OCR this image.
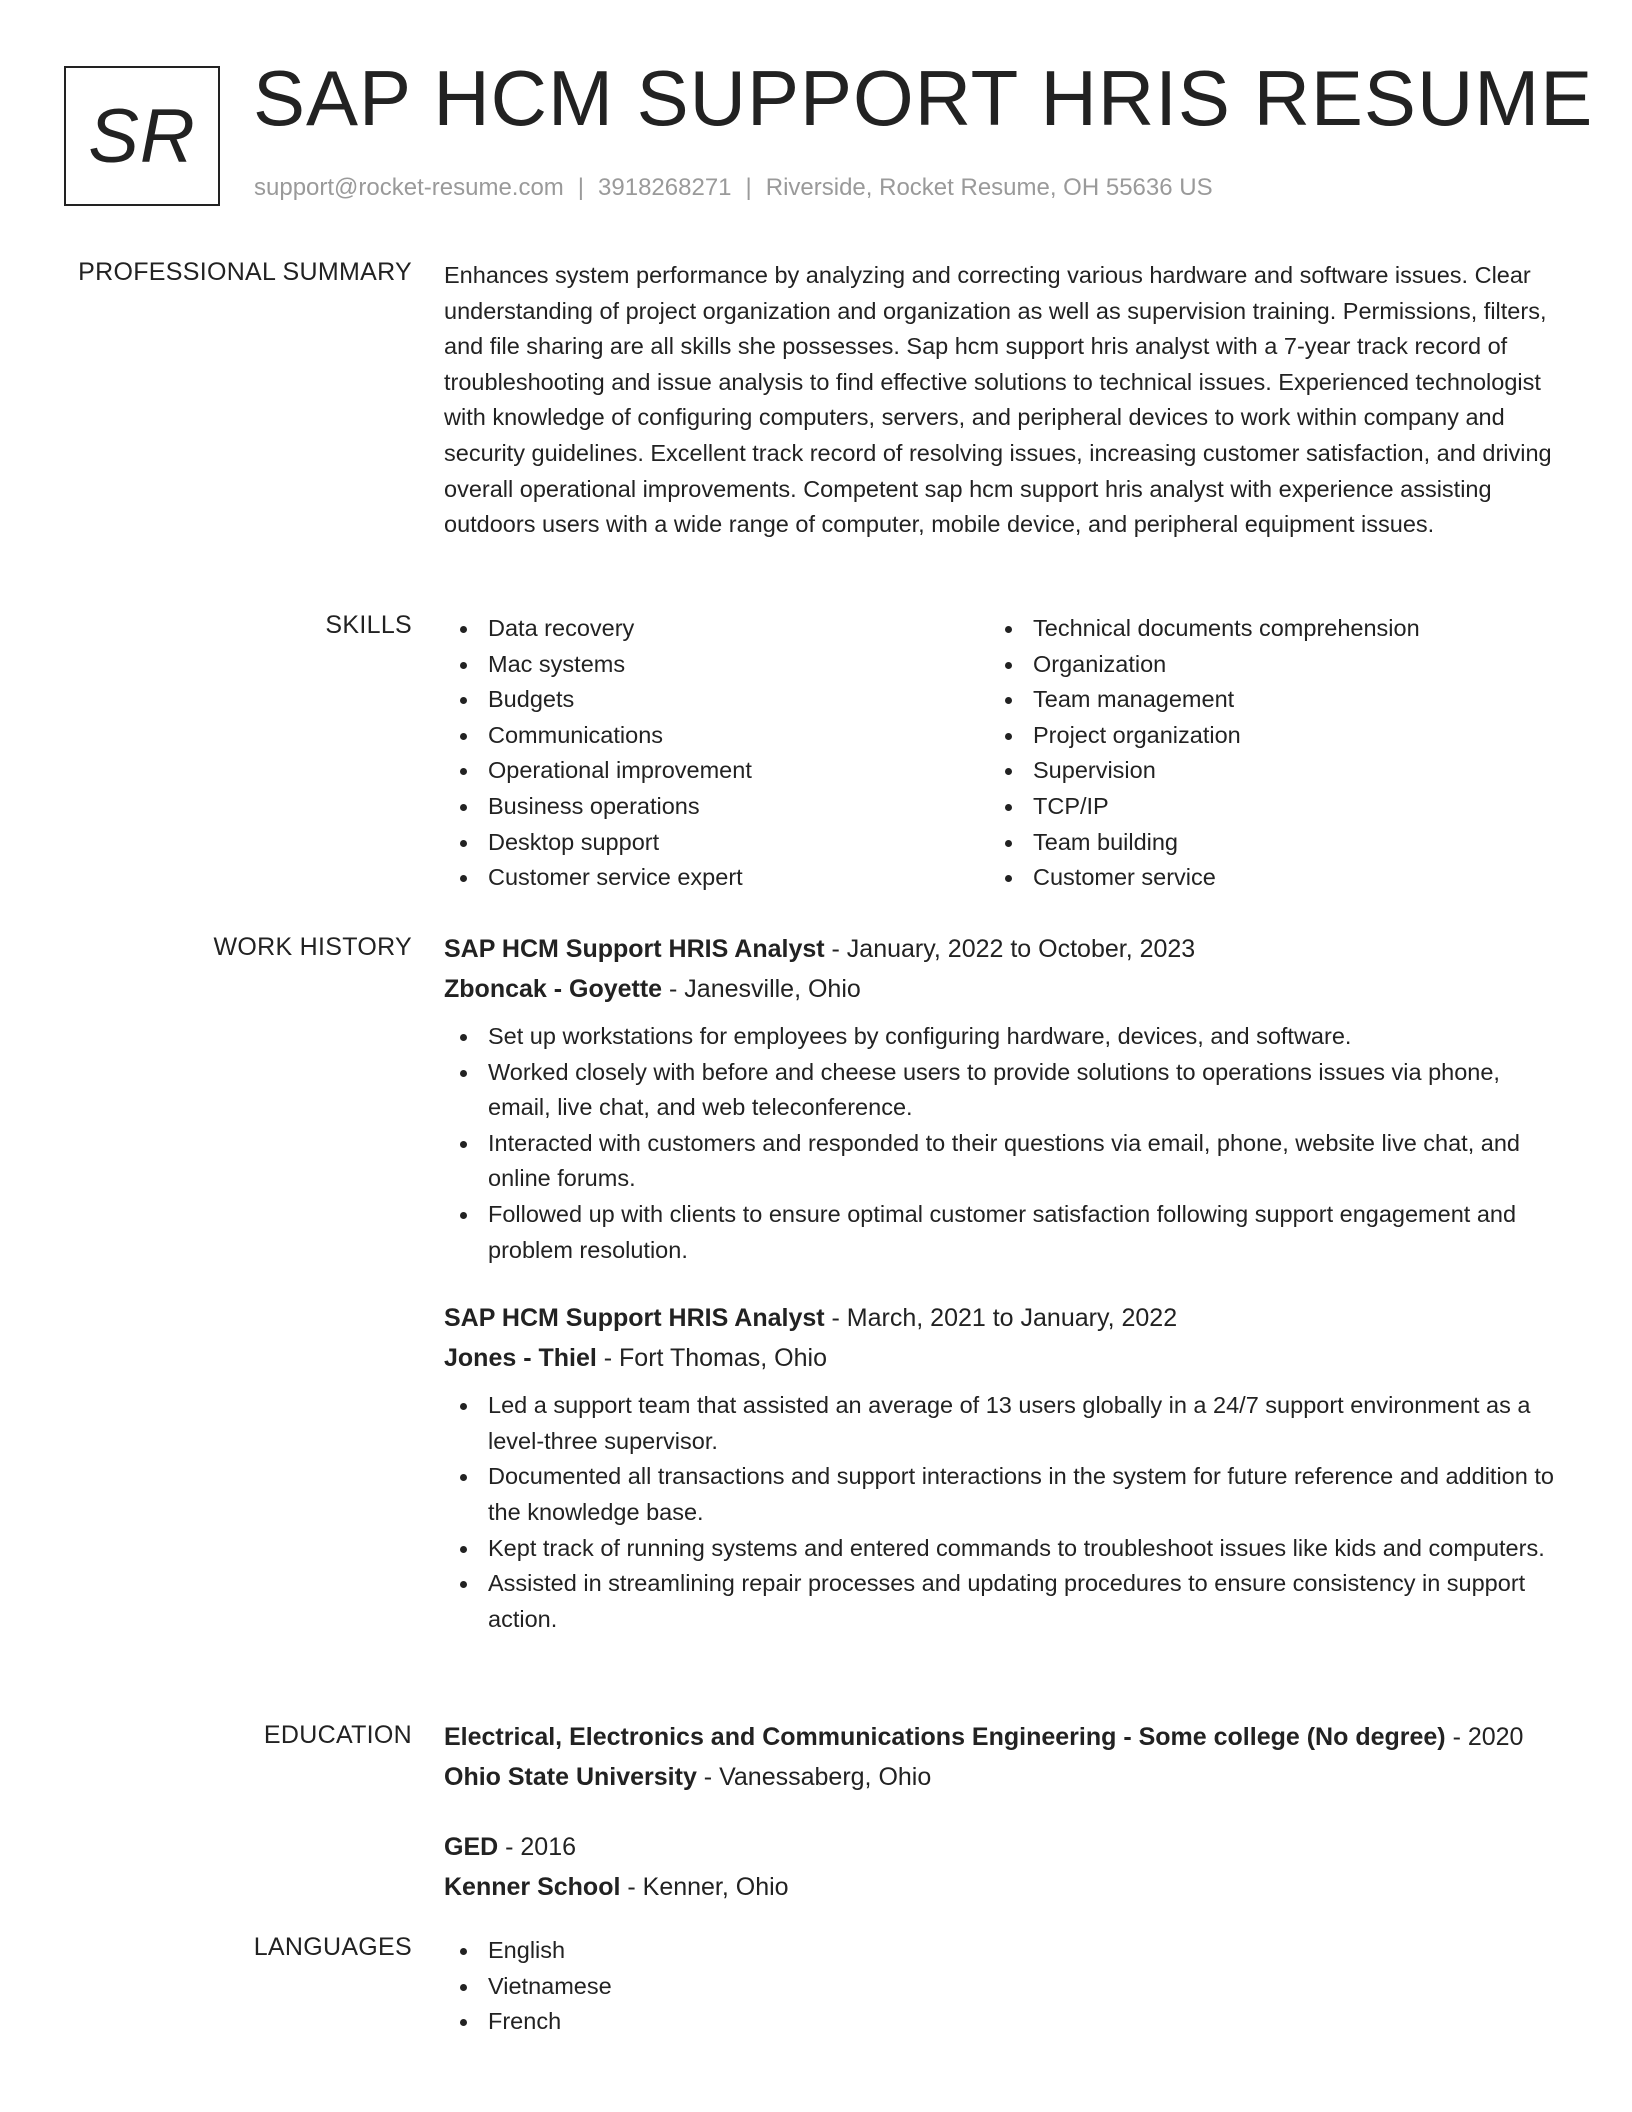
SR SAP HCM SUPPORT HRIS RESUME
support@rocket-resume.com | 3918268271 | Riverside, Rocket Resume, OH 55636 US
PROFESSIONAL SUMMARY Enhances system performance by analyzing and correcting various hardware and software issues. Clear understanding of project organization and organization as well as supervision training. Permissions, filters, and file sharing are all skills she possesses. Sap hcm support hris analyst with a 7-year track record of troubleshooting and issue analysis to find effective solutions to technical issues. Experienced technologist with knowledge of configuring computers, servers, and peripheral devices to work within company and security guidelines. Excellent track record of resolving issues, increasing customer satisfaction, and driving overall operational improvements. Competent sap hcm support hris analyst with experience assisting outdoors users with a wide range of computer, mobile device, and peripheral equipment issues.

SKILLS	Data recovery
Mac systems
Budgets
Communications
Operational improvement
Business operations
Desktop support
Customer service expert
Technical documents comprehension
Organization
Team management
Project organization
Supervision
TCP/IP
Team building
Customer service
WORK HISTORY SAP HCM Support HRIS Analyst - January, 2022 to October, 2023
Zboncak - Goyette - Janesville, Ohio
Set up workstations for employees by configuring hardware, devices, and software.
Worked closely with before and cheese users to provide solutions to operations issues via phone, email, live chat, and web teleconference.
Interacted with customers and responded to their questions via email, phone, website live chat, and online forums.
Followed up with clients to ensure optimal customer satisfaction following support engagement and problem resolution.
SAP HCM Support HRIS Analyst - March, 2021 to January, 2022
Jones - Thiel - Fort Thomas, Ohio
Led a support team that assisted an average of 13 users globally in a 24/7 support environment as a level-three supervisor.
Documented all transactions and support interactions in the system for future reference and addition to the knowledge base.
Kept track of running systems and entered commands to troubleshoot issues like kids and computers.
Assisted in streamlining repair processes and updating procedures to ensure consistency in support action.
EDUCATION Electrical, Electronics and Communications Engineering - Some college (No degree) - 2020
Ohio State University - Vanessaberg, Ohio
GED - 2016
Kenner School - Kenner, Ohio
LANGUAGES	English
Vietnamese
French
